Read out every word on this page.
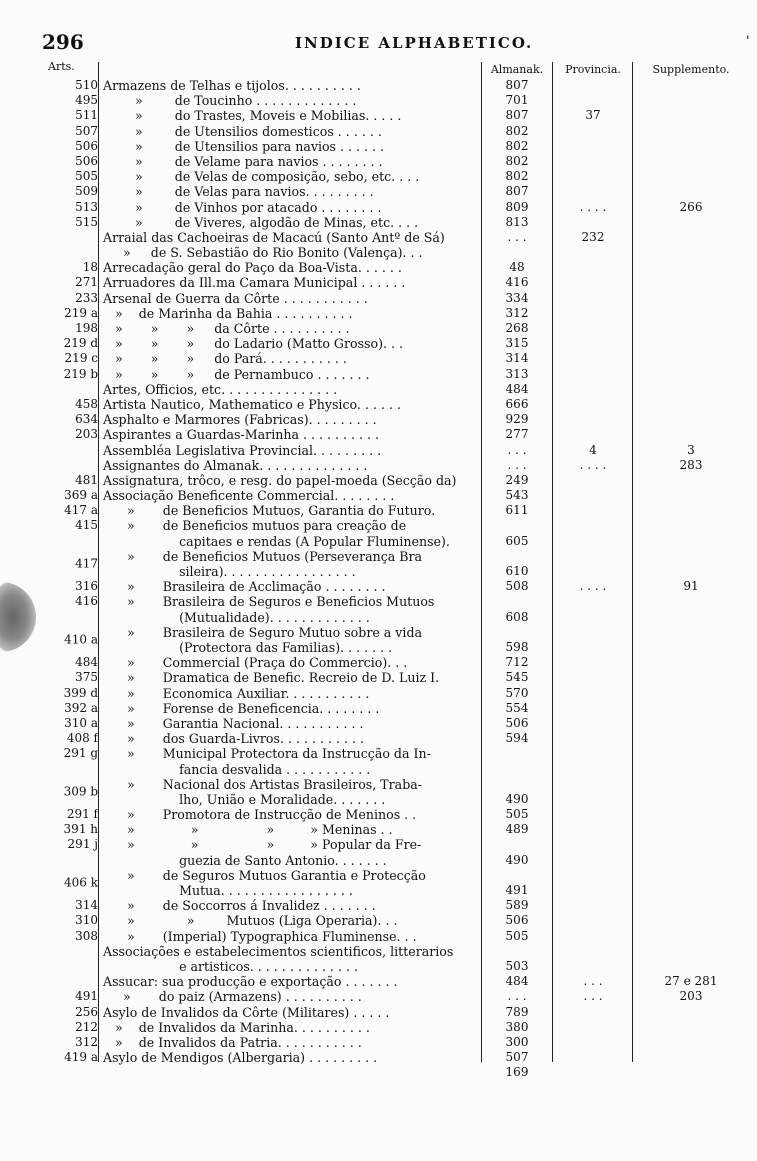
296	INDICE ALPHABETICO.	'
Arts.	Almanak.	Provincia.	Supplemento.
510 Armazens de Telhas e tijolos. . . . . . . . . .	807
495 »        de Toucinho . . . . . . . . . . . . .	701
511 »        do Trastes, Moveis e Mobilias. . . . .	807	37
507 »        de Utensilios domesticos . . . . . .	802
506 »        de Utensilios para navios . . . . . .	802
506 »        de Velame para navios . . . . . . . .	802
505 »        de Velas de composição, sebo, etc. . . .	802
509 »        de Velas para navios. . . . . . . . .	807
513 »        de Vinhos por atacado . . . . . . . .	809	. . . .	266
515 »        de Viveres, algodão de Minas, etc. . . .	813
Arraial das Cachoeiras de Macacú (Santo Antº de Sá)	. . .	232
»     de S. Sebastião do Rio Bonito (Valença). . .
18 Arrecadação geral do Paço da Boa-Vista. . . . . .	48
271 Arruadores da Ill.ma Camara Municipal . . . . . .	416
233 Arsenal de Guerra da Côrte . . . . . . . . . . .	334
219 a »    de Marinha da Bahia . . . . . . . . . .	312
198 »       »       »     da Côrte . . . . . . . . . .	268
219 d »       »       »     do Ladario (Matto Grosso). . .	315
219 c »       »       »     do Pará. . . . . . . . . . .	314
219 b »       »       »     de Pernambuco . . . . . . .	313
Artes, Officios, etc. . . . . . . . . . . . . . .	484
458 Artista Nautico, Mathematico e Physico. . . . . .	666
634 Asphalto e Marmores (Fabricas). . . . . . . . .	929
203 Aspirantes a Guardas-Marinha . . . . . . . . . .	277
Assembléa Legislativa Provincial. . . . . . . . .	. . .	4	3
Assignantes do Almanak. . . . . . . . . . . . . .	. . .	. . . .	283
481 Assignatura, trôco, e resg. do papel-moeda (Secção da)	249
369 a Associação Beneficente Commercial. . . . . . . .	543
417 a »       de Beneficios Mutuos, Garantia do Futuro.	611
415	»       de Beneficios mutuos para creação de
capitaes e rendas (A Popular Fluminense).	605
417	»       de Beneficios Mutuos (Perseverança Bra
sileira). . . . . . . . . . . . . . . . .	610
316 »       Brasileira de Acclimação . . . . . . . .	508	. . . .	91
416	»       Brasileira de Seguros e Beneficios Mutuos
(Mutualidade). . . . . . . . . . . . .	608
410 a	»       Brasileira de Seguro Mutuo sobre a vida
(Protectora das Familias). . . . . . .	598
484 »       Commercial (Praça do Commercio). . .	712
375 »       Dramatica de Benefic. Recreio de D. Luiz I.	545
399 d »       Economica Auxiliar. . . . . . . . . . .	570
392 a »       Forense de Beneficencia. . . . . . . .	554
310 a »       Garantia Nacional. . . . . . . . . . .	506
408 f »       dos Guarda-Livros. . . . . . . . . . .	594
291 g	»       Municipal Protectora da Instrucção da In-
fancia desvalida . . . . . . . . . . .
309 b	»       Nacional dos Artistas Brasileiros, Traba-
lho, União e Moralidade. . . . . . .	490
291 f »       Promotora de Instrucção de Meninos . .	505
391 h »              »                 »         » Meninas . .	489
291 j	»              »                 »         » Popular da Fre-
guezia de Santo Antonio. . . . . . .	490
406 k	»       de Seguros Mutuos Garantia e Protecção
Mutua. . . . . . . . . . . . . . . . .	491
314 »       de Soccorros á Invalidez . . . . . . .	589
310 »             »        Mutuos (Liga Operaria). . .	506
308 »       (Imperial) Typographica Fluminense. . .	505
Associações e estabelecimentos scientificos, litterarios
e artisticos. . . . . . . . . . . . . .	503
Assucar: sua producção e exportação . . . . . . .	484	. . .	27 e 281
491 »       do paiz (Armazens) . . . . . . . . . .	. . .	. . .	203
256 Asylo de Invalidos da Côrte (Militares) . . . . .	789
212 »    de Invalidos da Marinha. . . . . . . . . .	380
312 »    de Invalidos da Patria. . . . . . . . . . .	300
419 a Asylo de Mendigos (Albergaria) . . . . . . . . .	507
169
